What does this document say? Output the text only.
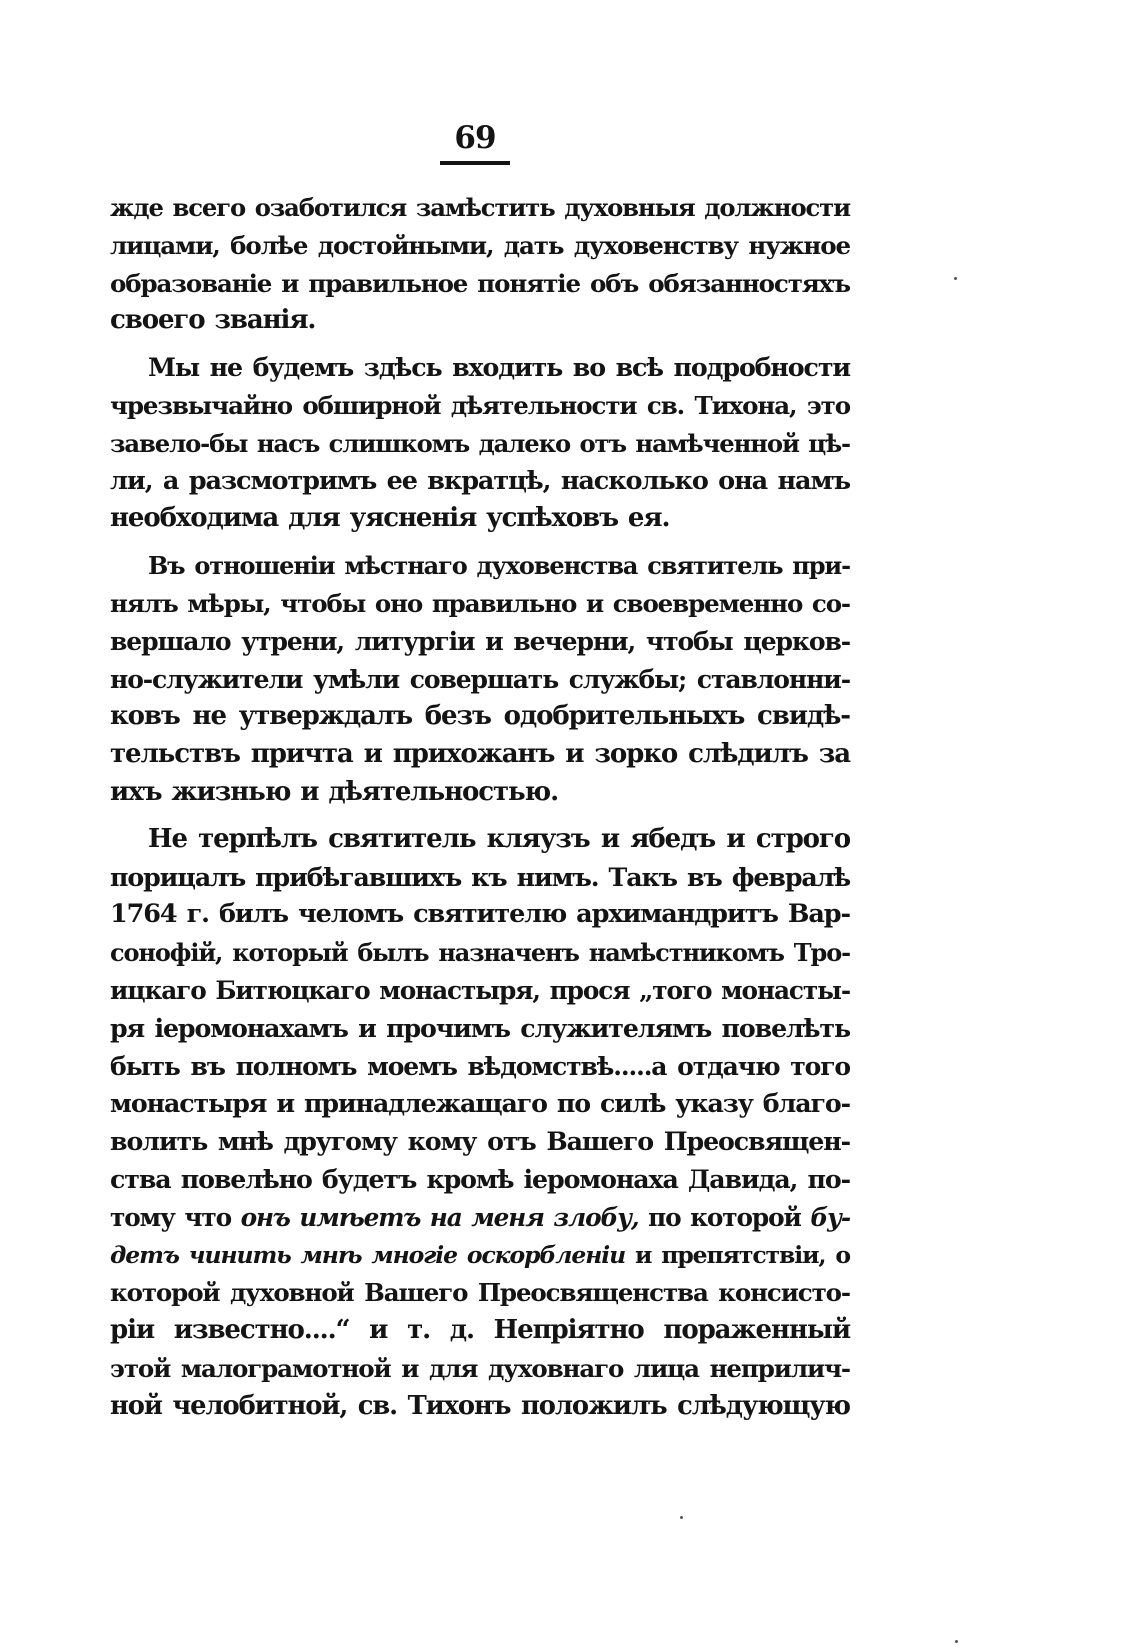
69
жде всего озаботился замѣстить духовныя должности
лицами, болѣе достойными, дать духовенству нужное
образованіе и правильное понятіе объ обязанностяхъ
своего званія.
Мы не будемъ здѣсь входить во всѣ подробности
чрезвычайно обширной дѣятельности св. Тихона, это
завело-бы насъ слишкомъ далеко отъ намѣченной цѣ-
ли, а разсмотримъ ее вкратцѣ, насколько она намъ
необходима для уясненія успѣховъ ея.
Въ отношеніи мѣстнаго духовенства святитель при-
нялъ мѣры, чтобы оно правильно и своевременно со-
вершало утрени, литургіи и вечерни, чтобы церков-
но-служители умѣли совершать службы; ставлонни-
ковъ не утверждалъ безъ одобрительныхъ свидѣ-
тельствъ причта и прихожанъ и зорко слѣдилъ за
ихъ жизнью и дѣятельностью.
Не терпѣлъ святитель кляузъ и ябедъ и строго
порицалъ прибѣгавшихъ къ нимъ. Такъ въ февралѣ
1764 г. билъ челомъ святителю архимандритъ Вар-
сонофій, который былъ назначенъ намѣстникомъ Тро-
ицкаго Битюцкаго монастыря, прося „того монасты-
ря іеромонахамъ и прочимъ служителямъ повелѣть
быть въ полномъ моемъ вѣдомствѣ.....а отдачю того
монастыря и принадлежащаго по силѣ указу благо-
волить мнѣ другому кому отъ Вашего Преосвящен-
ства повелѣно будетъ кромѣ іеромонаха Давида, по-
тому что онъ имѣетъ на меня злобу, по которой бу-
детъ чинить мнѣ многіе оскорбленіи и препятствіи, о
которой духовной Вашего Преосвященства консисто-
ріи известно....“ и т. д. Непріятно пораженный
этой малограмотной и для духовнаго лица неприлич-
ной челобитной, св. Тихонъ положилъ слѣдующую
